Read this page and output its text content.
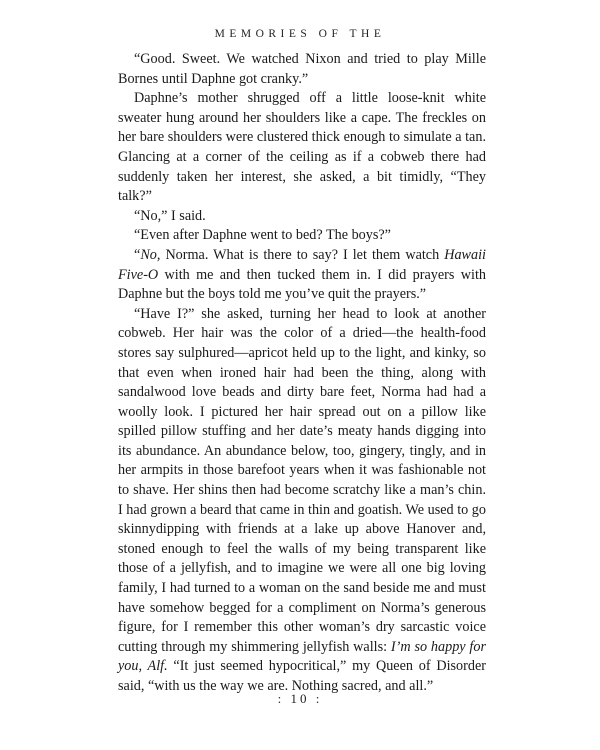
MEMORIES OF THE

“Good. Sweet. We watched Nixon and tried to play Mille Bornes until Daphne got cranky.”

Daphne’s mother shrugged off a little loose-knit white sweater hung around her shoulders like a cape. The freckles on her bare shoulders were clustered thick enough to simulate a tan. Glancing at a corner of the ceiling as if a cobweb there had suddenly taken her interest, she asked, a bit timidly, “They talk?”

“No,” I said.

“Even after Daphne went to bed? The boys?”

“No, Norma. What is there to say? I let them watch Hawaii Five-O with me and then tucked them in. I did prayers with Daphne but the boys told me you’ve quit the prayers.”

“Have I?” she asked, turning her head to look at another cobweb. Her hair was the color of a dried—the health-food stores say sulphured—apricot held up to the light, and kinky, so that even when ironed hair had been the thing, along with sandalwood love beads and dirty bare feet, Norma had had a woolly look. I pictured her hair spread out on a pillow like spilled pillow stuffing and her date’s meaty hands digging into its abundance. An abundance below, too, gingery, tingly, and in her armpits in those barefoot years when it was fashionable not to shave. Her shins then had become scratchy like a man’s chin. I had grown a beard that came in thin and goatish. We used to go skinnydipping with friends at a lake up above Hanover and, stoned enough to feel the walls of my being transparent like those of a jellyfish, and to imagine we were all one big loving family, I had turned to a woman on the sand beside me and must have somehow begged for a compliment on Norma’s generous figure, for I remember this other woman’s dry sarcastic voice cutting through my shimmering jellyfish walls: I’m so happy for you, Alf. “It just seemed hypocritical,” my Queen of Disorder said, “with us the way we are. Nothing sacred, and all.”

: 10 :
